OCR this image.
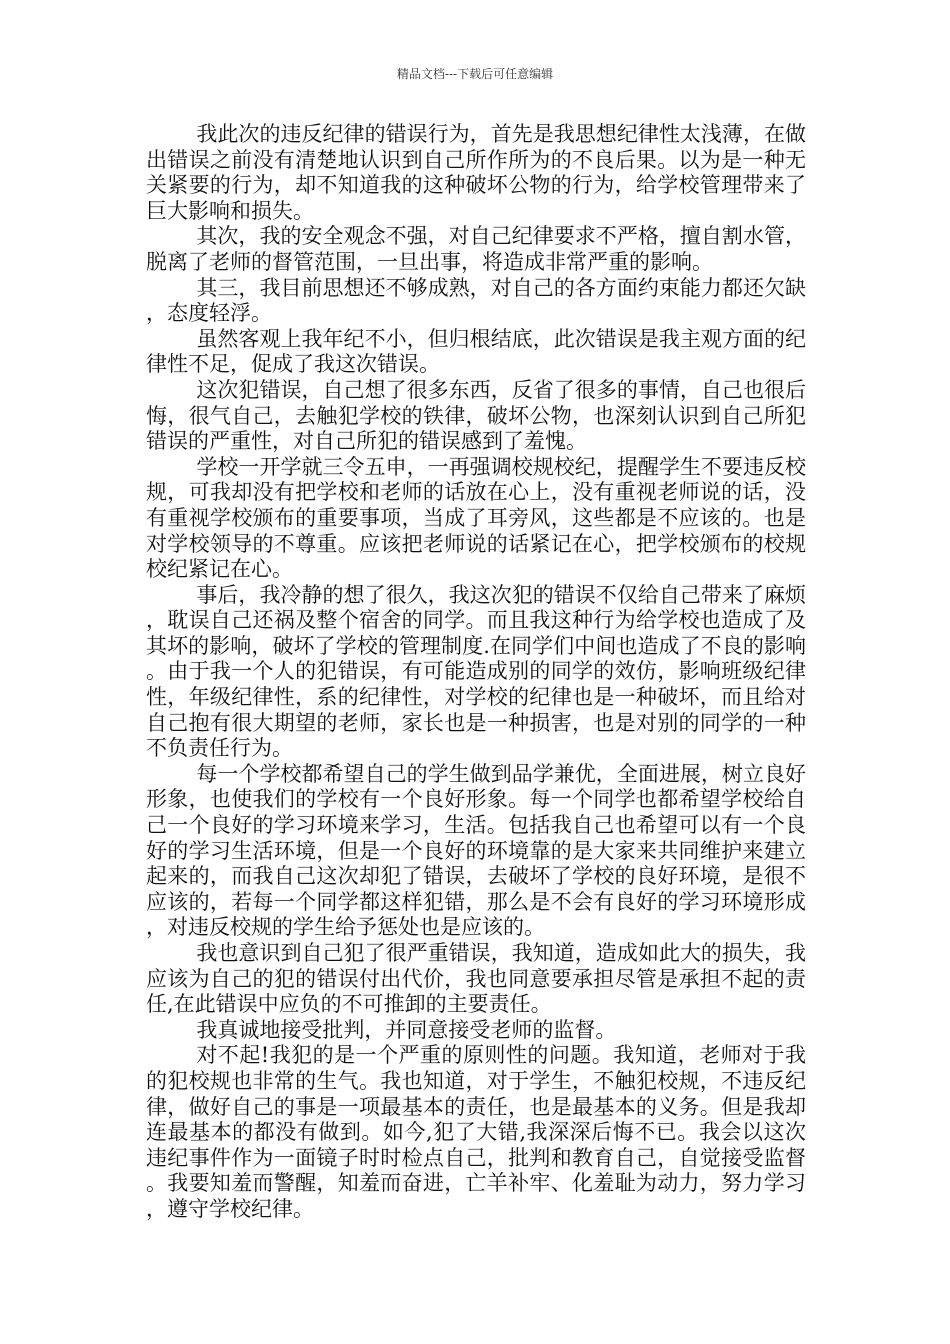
精品文档---下载后可任意编辑

我此次的违反纪律的错误行为，首先是我思想纪律性太浅薄，在做出错误之前没有清楚地认识到自己所作所为的不良后果。以为是一种无关紧要的行为，却不知道我的这种破坏公物的行为，给学校管理带来了巨大影响和损失。

其次，我的安全观念不强，对自己纪律要求不严格，擅自割水管，脱离了老师的督管范围，一旦出事，将造成非常严重的影响。

其三，我目前思想还不够成熟，对自己的各方面约束能力都还欠缺，态度轻浮。

虽然客观上我年纪不小，但归根结底，此次错误是我主观方面的纪律性不足，促成了我这次错误。

这次犯错误，自己想了很多东西，反省了很多的事情，自己也很后悔，很气自己，去触犯学校的铁律，破坏公物，也深刻认识到自己所犯错误的严重性，对自己所犯的错误感到了羞愧。

学校一开学就三令五申，一再强调校规校纪，提醒学生不要违反校规，可我却没有把学校和老师的话放在心上，没有重视老师说的话，没有重视学校颁布的重要事项，当成了耳旁风，这些都是不应该的。也是对学校领导的不尊重。应该把老师说的话紧记在心，把学校颁布的校规校纪紧记在心。

事后，我冷静的想了很久，我这次犯的错误不仅给自己带来了麻烦，耽误自己还祸及整个宿舍的同学。而且我这种行为给学校也造成了及其坏的影响，破坏了学校的管理制度.在同学们中间也造成了不良的影响。由于我一个人的犯错误，有可能造成别的同学的效仿，影响班级纪律性，年级纪律性，系的纪律性，对学校的纪律也是一种破坏，而且给对自己抱有很大期望的老师，家长也是一种损害，也是对别的同学的一种不负责任行为。

每一个学校都希望自己的学生做到品学兼优，全面进展，树立良好形象，也使我们的学校有一个良好形象。每一个同学也都希望学校给自己一个良好的学习环境来学习，生活。包括我自己也希望可以有一个良好的学习生活环境，但是一个良好的环境靠的是大家来共同维护来建立起来的，而我自己这次却犯了错误，去破坏了学校的良好环境，是很不应该的，若每一个同学都这样犯错，那么是不会有良好的学习环境形成，对违反校规的学生给予惩处也是应该的。

我也意识到自己犯了很严重错误，我知道，造成如此大的损失，我应该为自己的犯的错误付出代价，我也同意要承担尽管是承担不起的责任,在此错误中应负的不可推卸的主要责任。

我真诚地接受批判，并同意接受老师的监督。

对不起!我犯的是一个严重的原则性的问题。我知道，老师对于我的犯校规也非常的生气。我也知道，对于学生，不触犯校规，不违反纪律，做好自己的事是一项最基本的责任，也是最基本的义务。但是我却连最基本的都没有做到。如今,犯了大错,我深深后悔不已。我会以这次违纪事件作为一面镜子时时检点自己，批判和教育自己，自觉接受监督。我要知羞而警醒，知羞而奋进，亡羊补牢、化羞耻为动力，努力学习，遵守学校纪律。
